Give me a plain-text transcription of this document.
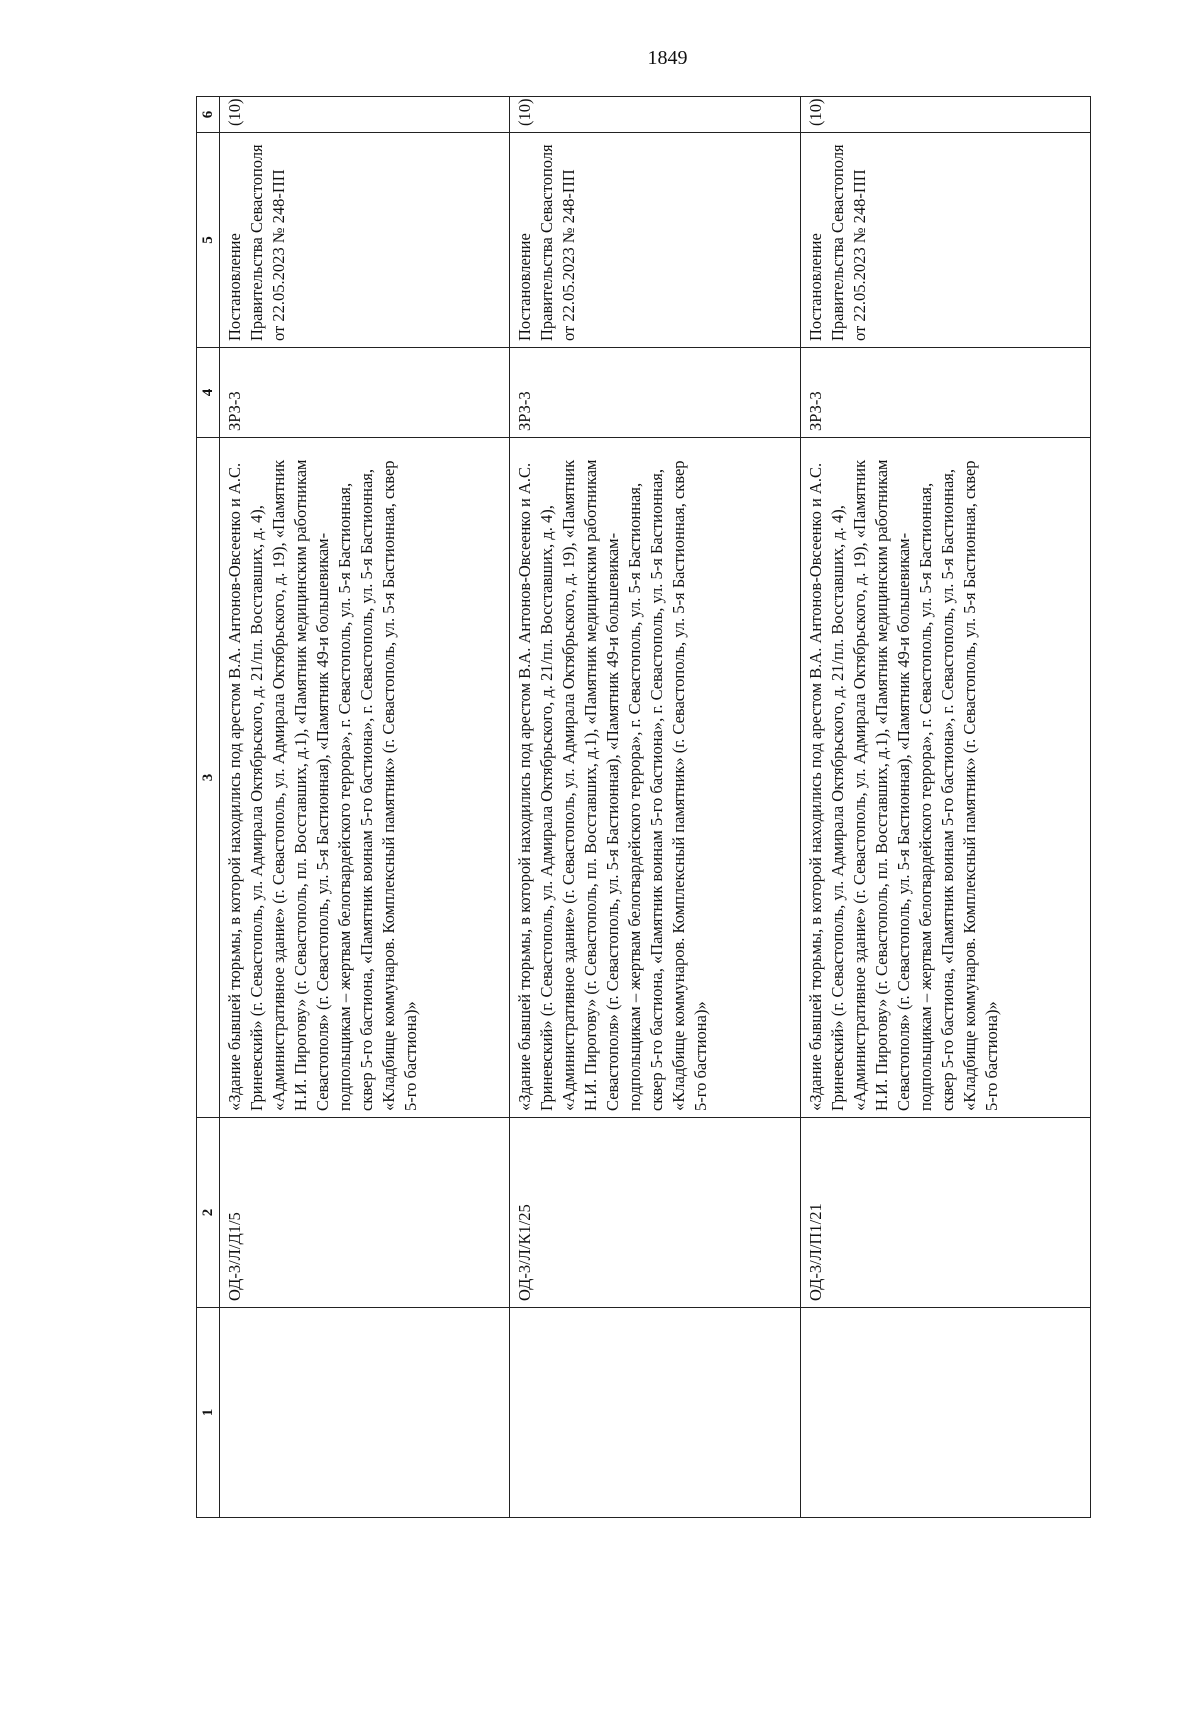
1849
1	2	3	4	5	6
	ОД-3/Л/Д1/5	«Здание бывшей тюрьмы, в которой находились под арестом В.А. Антонов-Овсеенко и А.С. Гриневский» (г. Севастополь, ул. Адмирала Октябрьского, д. 21/пл. Восставших, д. 4), «Административное здание» (г. Севастополь, ул. Адмирала Октябрьского, д. 19), «Памятник Н.И. Пирогову» (г. Севастополь, пл. Восставших, д.1), «Памятник медицинским работникам Севастополя» (г. Севастополь, ул. 5-я Бастионная), «Памятник 49-и большевикам-подпольщикам – жертвам белогвардейского террора», г. Севастополь, ул. 5-я Бастионная, сквер 5-го бастиона, «Памятник воинам 5-го бастиона», г. Севастополь, ул. 5-я Бастионная, «Кладбище коммунаров. Комплексный памятник» (г. Севастополь, ул. 5-я Бастионная, сквер 5-го бастиона)»	ЗРЗ-3	Постановление Правительства Севастополя от 22.05.2023 № 248-ПП	(10)
	ОД-3/Л/К1/25	«Здание бывшей тюрьмы, в которой находились под арестом В.А. Антонов-Овсеенко и А.С. Гриневский» (г. Севастополь, ул. Адмирала Октябрьского, д. 21/пл. Восставших, д. 4), «Административное здание» (г. Севастополь, ул. Адмирала Октябрьского, д. 19), «Памятник Н.И. Пирогову» (г. Севастополь, пл. Восставших, д.1), «Памятник медицинским работникам Севастополя» (г. Севастополь, ул. 5-я Бастионная), «Памятник 49-и большевикам-подпольщикам – жертвам белогвардейского террора», г. Севастополь, ул. 5-я Бастионная, сквер 5-го бастиона, «Памятник воинам 5-го бастиона», г. Севастополь, ул. 5-я Бастионная, «Кладбище коммунаров. Комплексный памятник» (г. Севастополь, ул. 5-я Бастионная, сквер 5-го бастиона)»	ЗРЗ-3	Постановление Правительства Севастополя от 22.05.2023 № 248-ПП	(10)
	ОД-3/Л/П1/21	«Здание бывшей тюрьмы, в которой находились под арестом В.А. Антонов-Овсеенко и А.С. Гриневский» (г. Севастополь, ул. Адмирала Октябрьского, д. 21/пл. Восставших, д. 4), «Административное здание» (г. Севастополь, ул. Адмирала Октябрьского, д. 19), «Памятник Н.И. Пирогову» (г. Севастополь, пл. Восставших, д.1), «Памятник медицинским работникам Севастополя» (г. Севастополь, ул. 5-я Бастионная), «Памятник 49-и большевикам-подпольщикам – жертвам белогвардейского террора», г. Севастополь, ул. 5-я Бастионная, сквер 5-го бастиона, «Памятник воинам 5-го бастиона», г. Севастополь, ул. 5-я Бастионная, «Кладбище коммунаров. Комплексный памятник» (г. Севастополь, ул. 5-я Бастионная, сквер 5-го бастиона)»	ЗРЗ-3	Постановление Правительства Севастополя от 22.05.2023 № 248-ПП	(10)
